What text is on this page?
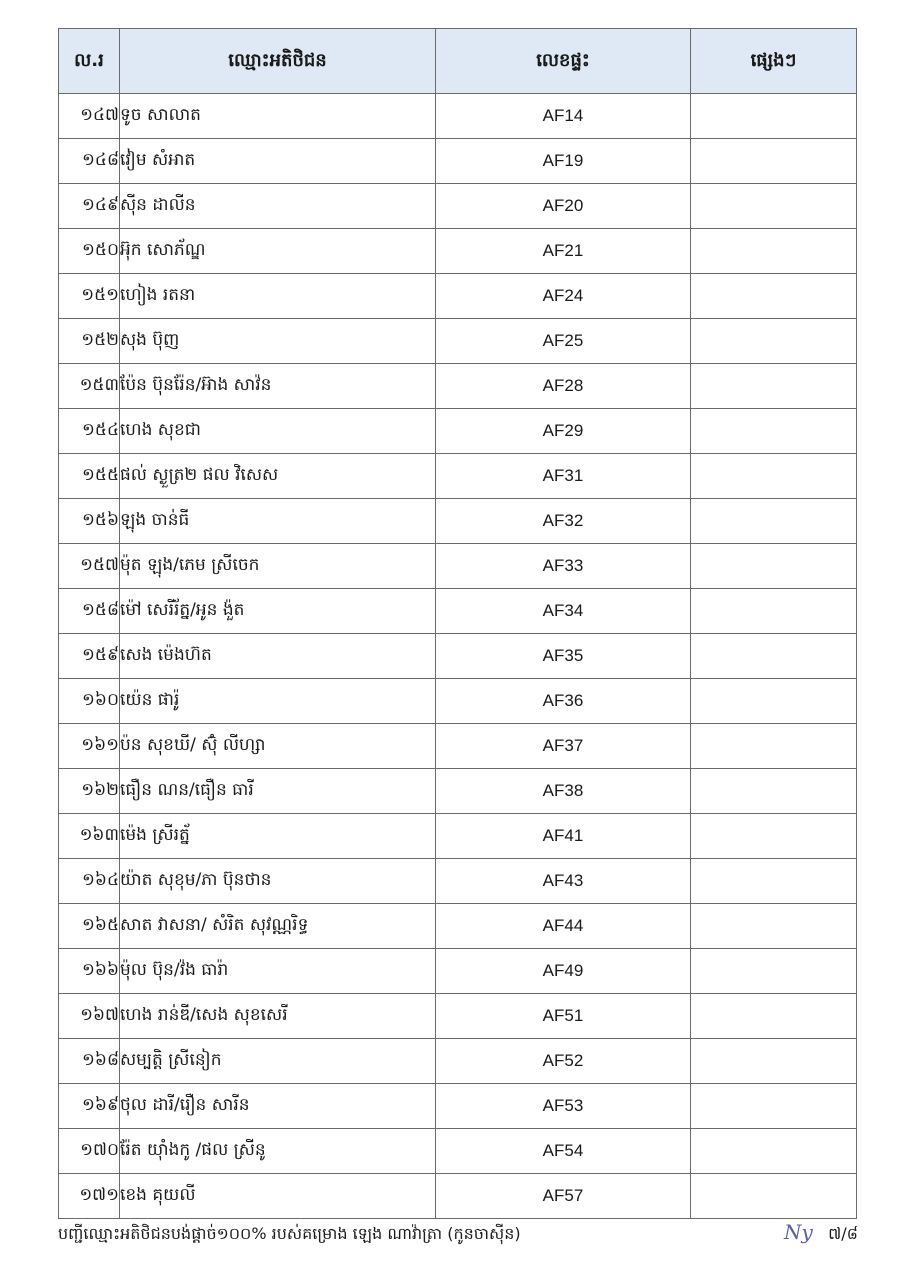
ល.រ	ឈ្មោះអតិថិជន	លេខផ្ទះ	ផ្សេងៗ
១៤៧	ទូច សាលាត	AF14	
១៤៨	វៀម សំអាត	AF19	
១៤៩	ស៊ីន ដាលីន	AF20	
១៥០	អ៊ុក សោភ័ណ្ឌ	AF21	
១៥១	ហៀង រតនា	AF24	
១៥២	សុង ប៊ុញ	AF25	
១៥៣	ប៉ែន ប៊ុនរ៉ែន/អ៊ាង សាវ៉ន	AF28	
១៥៤	ហេង សុខជា	AF29	
១៥៥	ផល់ ស្ងួត្រ២ ផល វិសេស	AF31	
១៥៦	ឡុង ចាន់ធី	AF32	
១៥៧	ម៉ុត ឡុង/ភេម ស្រីចេក	AF33	
១៥៨	ម៉ៅ សេរីរ័ត្ន/អូន ង៉ួត	AF34	
១៥៩	សេង ម៉េងហ៊ត	AF35	
១៦០	យ៉េន ផារ៉ូ	AF36	
១៦១	ប៉ន សុខឃី/ ស៊ុំ លីហ្សា	AF37	
១៦២	ធឿន ណន/ធឿន ធារី	AF38	
១៦៣	ម៉េង ស្រីរត្ន័	AF41	
១៦៤	យ៉ាត សុខុម/ភា ប៊ុនថាន	AF43	
១៦៥	សាត វាសនា/ សំរិត សុវណ្ណរិទ្ធ	AF44	
១៦៦	ម៉ុល ប៊ុន/វ៉ង ធារ៉ា	AF49	
១៦៧	ហេង រាន់ឌី/សេង សុខសេរី	AF51	
១៦៨	សម្បត្តិ ស្រីនៀក	AF52	
១៦៩	ថុល ដារី/រឿន សារីន	AF53	
១៧០	រ៉ែត យ៉ាំងកូ /ផល ស្រីនូ	AF54	
១៧១	ខេង គុយលី	AF57	
បញ្ជីឈ្មោះអតិថិជនបង់ផ្តាច់១០០% របស់គម្រោង ឡេង ណាវ៉ាត្រា (កូនចាស៊ីន)	Ny ៧/៨
